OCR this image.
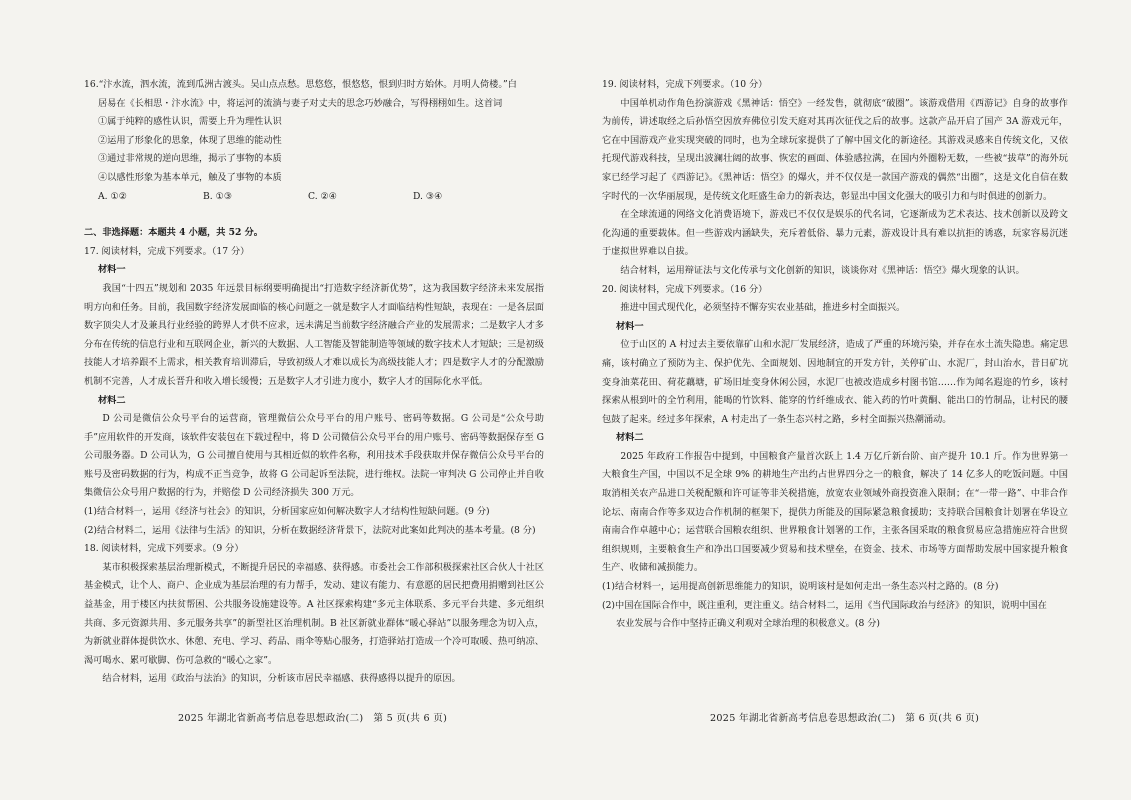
16.“汴水流，泗水流，流到瓜洲古渡头。吴山点点愁。思悠悠，恨悠悠，恨到归时方始休。月明人倚楼。”白

居易在《长相思・汴水流》中，将运河的流淌与妻子对丈夫的思念巧妙融合，写得栩栩如生。这首词

①属于纯粹的感性认识，需要上升为理性认识

②运用了形象化的思象，体现了思维的能动性

③通过非常规的逆向思维，揭示了事物的本质

④以感性形象为基本单元，触及了事物的本质

A. ①②	B. ①③	C. ②④	D. ③④

二、非选择题：本题共 4 小题，共 52 分。

17. 阅读材料，完成下列要求。（17 分）

材料一

我国“十四五”规划和 2035 年远景目标纲要明确提出“打造数字经济新优势”，这为我国数字经济未来发展指明方向和任务。目前，我国数字经济发展面临的核心问题之一就是数字人才面临结构性短缺，表现在：一是各层面数字顶尖人才及兼具行业经验的跨界人才供不应求，远未满足当前数字经济融合产业的发展需求；二是数字人才多分布在传统的信息行业和互联网企业，新兴的大数据、人工智能及智能制造等领域的数字技术人才短缺；三是初级技能人才培养跟不上需求，相关教育培训滞后，导致初级人才难以成长为高级技能人才；四是数字人才的分配激励机制不完善，人才成长晋升和收入增长缓慢；五是数字人才引进力度小，数字人才的国际化水平低。

材料二

D 公司是微信公众号平台的运营商，管理微信公众号平台的用户账号、密码等数据。G 公司是“公众号助手”应用软件的开发商，该软件安装包在下载过程中，将 D 公司微信公众号平台的用户账号、密码等数据保存至 G 公司服务器。D 公司认为，G 公司擅自使用与其相近似的软件名称，利用技术手段获取并保存微信公众号平台的账号及密码数据的行为，构成不正当竞争，故将 G 公司起诉至法院，进行维权。法院一审判决 G 公司停止并自收集微信公众号用户数据的行为，并赔偿 D 公司经济损失 300 万元。

(1)结合材料一，运用《经济与社会》的知识，分析国家应如何解决数字人才结构性短缺问题。(9 分)

(2)结合材料二，运用《法律与生活》的知识，分析在数据经济背景下，法院对此案如此判决的基本考量。(8 分)

18. 阅读材料，完成下列要求。（9 分）

某市积极探索基层治理新模式，不断提升居民的幸福感、获得感。市委社会工作部积极探索社区合伙人十社区基金模式，让个人、商户、企业成为基层治理的有力帮手，发动、建议有能力、有意愿的居民把费用捐赠到社区公益基金，用于楼区内扶贫帮困、公共服务设施建设等。A 社区探索构建“多元主体联系、多元平台共建、多元组织共商、多元资源共用、多元服务共享”的新型社区治理机制。B 社区新就业群体“暖心驿站”以服务理念为切入点，为新就业群体提供饮水、休憩、充电、学习、药品、雨伞等贴心服务，打造驿站打造成一个冷可取暖、热可纳凉、渴可喝水、累可歇脚、伤可急救的“暖心之家”。

结合材料，运用《政治与法治》的知识，分析该市居民幸福感、获得感得以提升的原因。

19. 阅读材料，完成下列要求。（10 分）

中国单机动作角色扮演游戏《黑神话：悟空》一经发售，就彻底“破圈”。该游戏借用《西游记》自身的故事作为前传，讲述取经之后孙悟空因放弃佛位引发天庭对其再次征伐之后的故事。这款产品开启了国产 3A 游戏元年，它在中国游戏产业实现突破的同时，也为全球玩家提供了了解中国文化的新途径。其游戏灵感来自传统文化，又依托现代游戏科技，呈现出波澜壮阔的故事、恢宏的画面、体验感拉满，在国内外圈粉无数，一些被“拔草”的海外玩家已经学习起了《西游记》。《黑神话：悟空》的爆火，并不仅仅是一款国产游戏的偶然“出圈”，这是文化自信在数字时代的一次华丽展现，是传统文化旺盛生命力的新表达，彰显出中国文化强大的吸引力和与时俱进的创新力。

在全球流通的网络文化消费语境下，游戏已不仅仅是娱乐的代名词，它逐渐成为艺术表达、技术创新以及跨文化沟通的重要载体。但一些游戏内涵缺失，充斥着低俗、暴力元素，游戏设计具有难以抗拒的诱惑，玩家容易沉迷于虚拟世界难以自拔。

结合材料，运用辩证法与文化传承与文化创新的知识，谈谈你对《黑神话：悟空》爆火现象的认识。

20. 阅读材料，完成下列要求。（16 分）

推进中国式现代化，必须坚持不懈夯实农业基础，推进乡村全面振兴。

材料一

位于山区的 A 村过去主要依靠矿山和水泥厂发展经济，造成了严重的环境污染，并存在水土流失隐患。痛定思痛，该村确立了预防为主、保护优先、全面规划、因地制宜的开发方针，关停矿山、水泥厂，封山治水，昔日矿坑变身油菜花田、荷花藕塘，矿场旧址变身休闲公园，水泥厂也被改造成乡村图书馆……作为闻名遐迩的竹乡，该村探索从根到叶的全竹利用，能喝的竹饮料、能穿的竹纤维成衣、能入药的竹叶黄酮、能出口的竹制品，让村民的腰包鼓了起来。经过多年探索，A 村走出了一条生态兴村之路，乡村全面振兴热潮涌动。

材料二

2025 年政府工作报告中提到，中国粮食产量首次跃上 1.4 万亿斤新台阶、亩产提升 10.1 斤。作为世界第一大粮食生产国，中国以不足全球 9% 的耕地生产出约占世界四分之一的粮食，解决了 14 亿多人的吃饭问题。中国取消相关农产品进口关税配额和许可证等非关税措施，放宽农业领域外商投资准入限制；在“一带一路”、中非合作论坛、南南合作等多双边合作机制的框架下，提供力所能及的国际紧急粮食援助；支持联合国粮食计划署在华设立南南合作卓越中心；运营联合国粮农组织、世界粮食计划署的工作，主张各国采取的粮食贸易应急措施应符合世贸组织规则，主要粮食生产和净出口国要减少贸易和技术壁垒，在资金、技术、市场等方面帮助发展中国家提升粮食生产、收储和减损能力。

(1)结合材料一，运用提高创新思维能力的知识，说明该村是如何走出一条生态兴村之路的。(8 分)

(2)中国在国际合作中，既注重利，更注重义。结合材料二，运用《当代国际政治与经济》的知识，说明中国在

农业发展与合作中坚持正确义利观对全球治理的积极意义。(8 分)

2025 年湖北省新高考信息卷思想政治(二)　第 5 页(共 6 页)	2025 年湖北省新高考信息卷思想政治(二)　第 6 页(共 6 页)
